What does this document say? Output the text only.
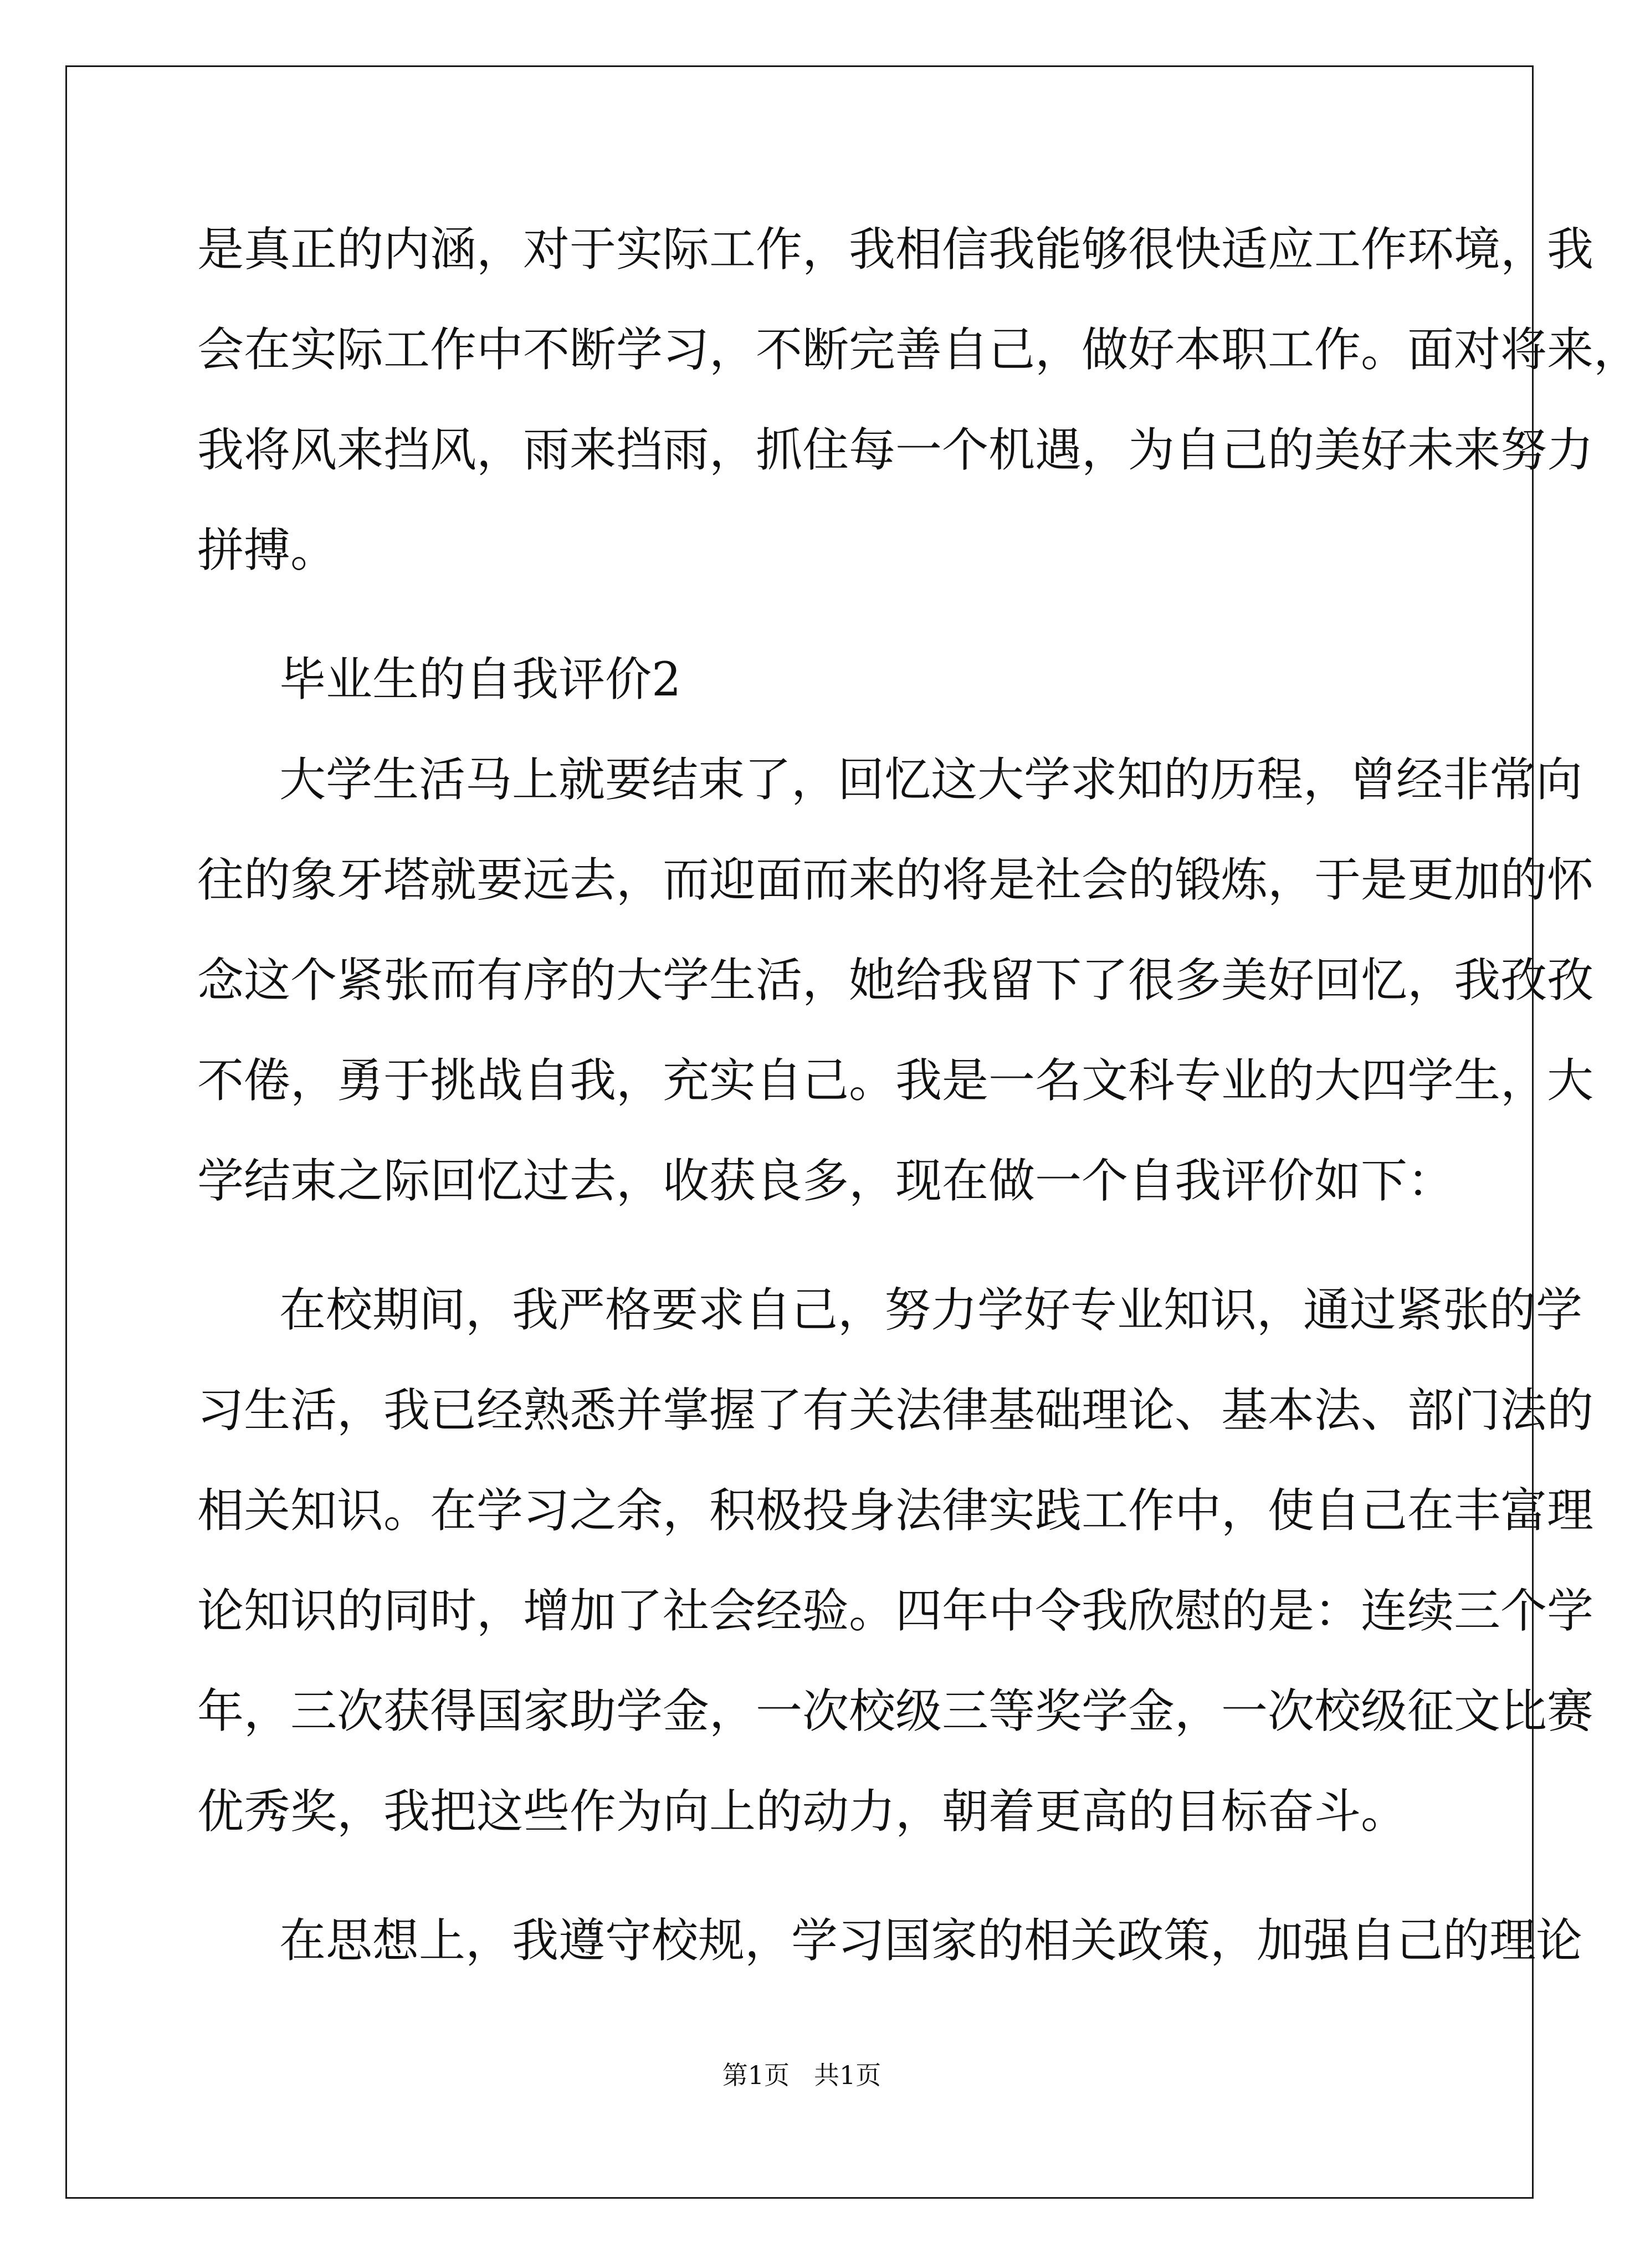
是真正的内涵，对于实际工作，我相信我能够很快适应工作环境，我

会在实际工作中不断学习，不断完善自己，做好本职工作。面对将来，

我将风来挡风，雨来挡雨，抓住每一个机遇，为自己的美好未来努力

拼搏。

毕业生的自我评价2

大学生活马上就要结束了，回忆这大学求知的历程，曾经非常向

往的象牙塔就要远去，而迎面而来的将是社会的锻炼，于是更加的怀

念这个紧张而有序的大学生活，她给我留下了很多美好回忆，我孜孜

不倦，勇于挑战自我，充实自己。我是一名文科专业的大四学生，大

学结束之际回忆过去，收获良多，现在做一个自我评价如下：

在校期间，我严格要求自己，努力学好专业知识，通过紧张的学

习生活，我已经熟悉并掌握了有关法律基础理论、基本法、部门法的

相关知识。在学习之余，积极投身法律实践工作中，使自己在丰富理

论知识的同时，增加了社会经验。四年中令我欣慰的是：连续三个学

年，三次获得国家助学金，一次校级三等奖学金，一次校级征文比赛

优秀奖，我把这些作为向上的动力，朝着更高的目标奋斗。

在思想上，我遵守校规，学习国家的相关政策，加强自己的理论

第1页 共1页
